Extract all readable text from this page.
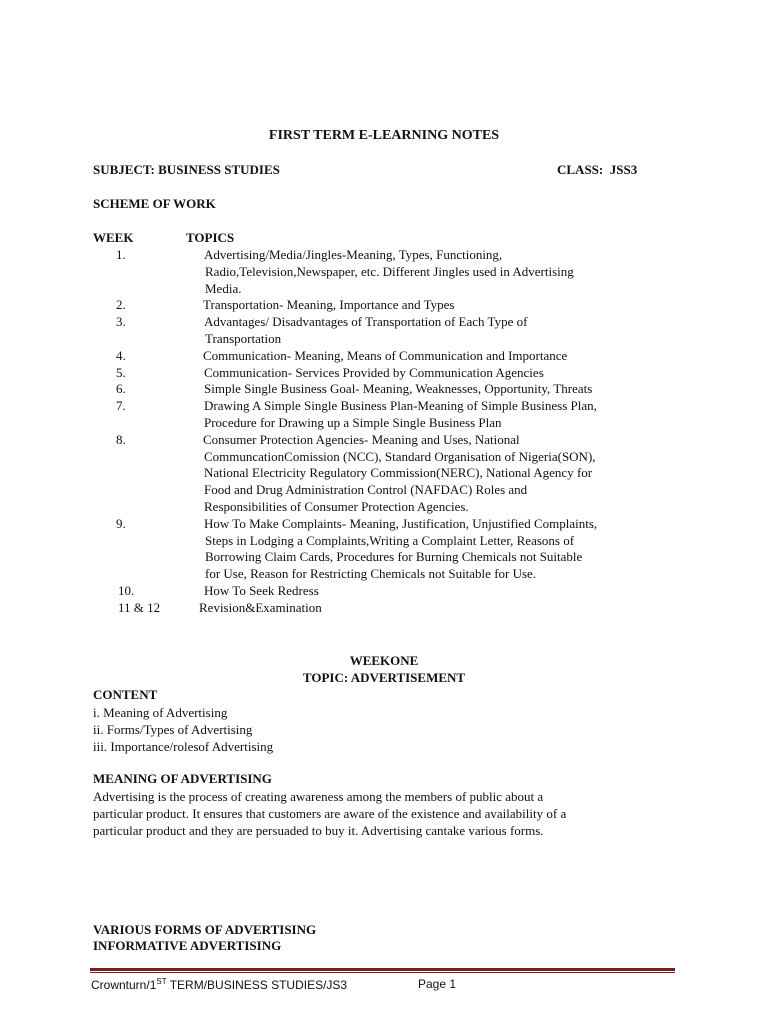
FIRST TERM E-LEARNING NOTES
SUBJECT: BUSINESS STUDIES	CLASS: JSS3
SCHEME OF WORK
WEEK	TOPICS
1.	Advertising/Media/Jingles-Meaning, Types, Functioning,
Radio,Television,Newspaper, etc. Different Jingles used in Advertising
Media.
2.	Transportation- Meaning, Importance and Types
3.	Advantages/ Disadvantages of Transportation of Each Type of
Transportation
4.	Communication- Meaning, Means of Communication and Importance
5.	Communication- Services Provided by Communication Agencies
6.	Simple Single Business Goal- Meaning, Weaknesses, Opportunity, Threats
7.	Drawing A Simple Single Business Plan-Meaning of Simple Business Plan,
Procedure for Drawing up a Simple Single Business Plan
8.	Consumer Protection Agencies- Meaning and Uses, National
CommuncationComission (NCC), Standard Organisation of Nigeria(SON),
National Electricity Regulatory Commission(NERC), National Agency for
Food and Drug Administration Control (NAFDAC) Roles and
Responsibilities of Consumer Protection Agencies.
9.	How To Make Complaints- Meaning, Justification, Unjustified Complaints,
Steps in Lodging a Complaints,Writing a Complaint Letter, Reasons of
Borrowing Claim Cards, Procedures for Burning Chemicals not Suitable
for Use, Reason for Restricting Chemicals not Suitable for Use.
10.	How To Seek Redress
11 & 12	Revision&Examination
WEEKONE
TOPIC: ADVERTISEMENT
CONTENT
i. Meaning of Advertising
ii. Forms/Types of Advertising
iii. Importance/rolesof Advertising
MEANING OF ADVERTISING
Advertising is the process of creating awareness among the members of public about a
particular product. It ensures that customers are aware of the existence and availability of a
particular product and they are persuaded to buy it. Advertising cantake various forms.
VARIOUS FORMS OF ADVERTISING
INFORMATIVE ADVERTISING
Crownturn/1ST TERM/BUSINESS STUDIES/JS3	Page 1
